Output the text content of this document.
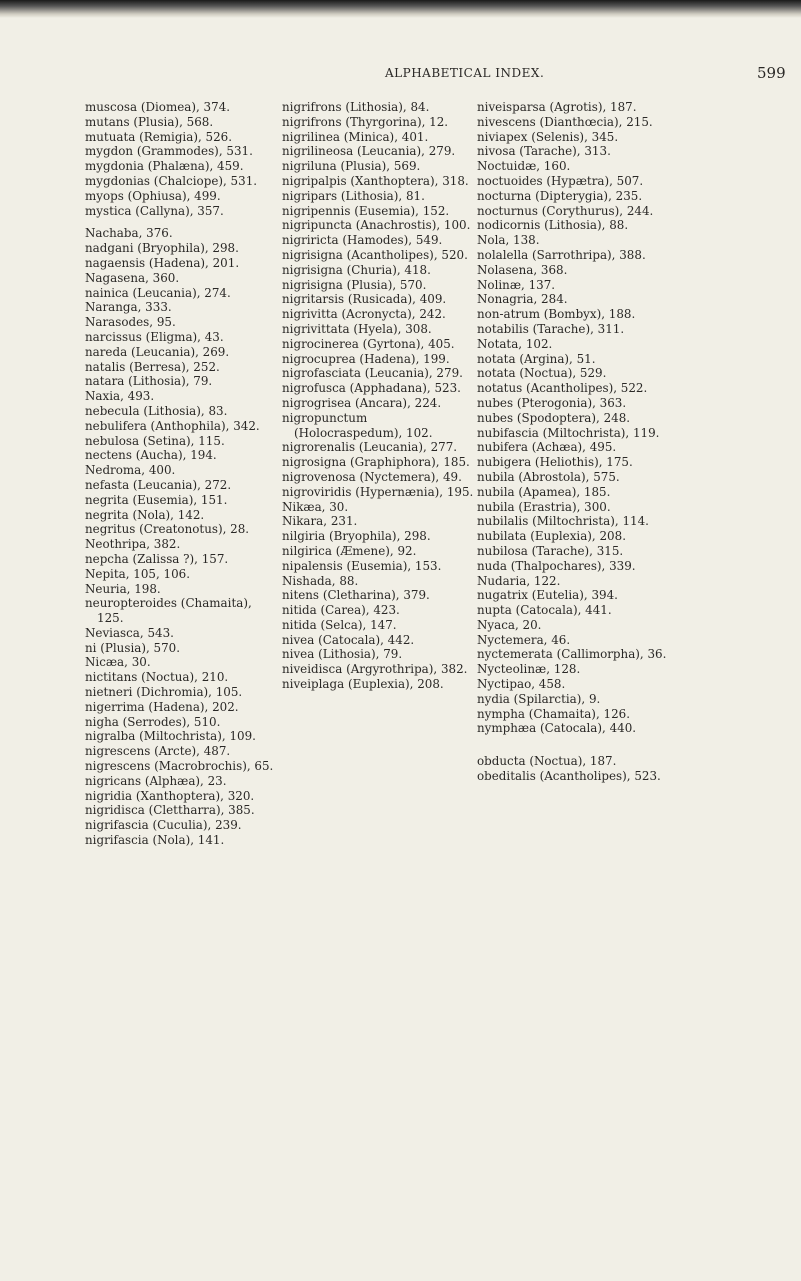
ALPHABETICAL INDEX.	599
muscosa (Diomea), 374.
mutans (Plusia), 568.
mutuata (Remigia), 526.
mygdon (Grammodes), 531.
mygdonia (Phalæna), 459.
mygdonias (Chalciope), 531.
myops (Ophiusa), 499.
mystica (Callyna), 357.
Nachaba, 376.
nadgani (Bryophila), 298.
nagaensis (Hadena), 201.
Nagasena, 360.
nainica (Leucania), 274.
Naranga, 333.
Narasodes, 95.
narcissus (Eligma), 43.
nareda (Leucania), 269.
natalis (Berresa), 252.
natara (Lithosia), 79.
Naxia, 493.
nebecula (Lithosia), 83.
nebulifera (Anthophila), 342.
nebulosa (Setina), 115.
nectens (Aucha), 194.
Nedroma, 400.
nefasta (Leucania), 272.
negrita (Eusemia), 151.
negrita (Nola), 142.
negritus (Creatonotus), 28.
Neothripa, 382.
nepcha (Zalissa ?), 157.
Nepita, 105, 106.
Neuria, 198.
neuropteroides (Chamaita), 125.
Neviasca, 543.
ni (Plusia), 570.
Nicæa, 30.
nictitans (Noctua), 210.
nietneri (Dichromia), 105.
nigerrima (Hadena), 202.
nigha (Serrodes), 510.
nigralba (Miltochrista), 109.
nigrescens (Arcte), 487.
nigrescens (Macrobrochis), 65.
nigricans (Alphæa), 23.
nigridia (Xanthoptera), 320.
nigridisca (Clettharra), 385.
nigrifascia (Cuculia), 239.
nigrifascia (Nola), 141.
nigrifrons (Lithosia), 84.
nigrifrons (Thyrgorina), 12.
nigrilinea (Minica), 401.
nigrilineosa (Leucania), 279.
nigriluna (Plusia), 569.
nigripalpis (Xanthoptera), 318.
nigripars (Lithosia), 81.
nigripennis (Eusemia), 152.
nigripuncta (Anachrostis), 100.
nigriricta (Hamodes), 549.
nigrisigna (Acantholipes), 520.
nigrisigna (Churia), 418.
nigrisigna (Plusia), 570.
nigritarsis (Rusicada), 409.
nigrivitta (Acronycta), 242.
nigrivittata (Hyela), 308.
nigrocinerea (Gyrtona), 405.
nigrocuprea (Hadena), 199.
nigrofasciata (Leucania), 279.
nigrofusca (Apphadana), 523.
nigrogrisea (Ancara), 224.
nigropunctum (Holocraspedum), 102.
nigrorenalis (Leucania), 277.
nigrosigna (Graphiphora), 185.
nigrovenosa (Nyctemera), 49.
nigroviridis (Hypernænia), 195.
Nikæa, 30.
Nikara, 231.
nilgiria (Bryophila), 298.
nilgirica (Æmene), 92.
nipalensis (Eusemia), 153.
Nishada, 88.
nitens (Cletharina), 379.
nitida (Carea), 423.
nitida (Selca), 147.
nivea (Catocala), 442.
nivea (Lithosia), 79.
niveidisca (Argyrothripa), 382.
niveiplaga (Euplexia), 208.
niveisparsa (Agrotis), 187.
nivescens (Dianthœcia), 215.
niviapex (Selenis), 345.
nivosa (Tarache), 313.
Noctuidæ, 160.
noctuoides (Hypætra), 507.
nocturna (Dipterygia), 235.
nocturnus (Corythurus), 244.
nodicornis (Lithosia), 88.
Nola, 138.
nolalella (Sarrothripa), 388.
Nolasena, 368.
Nolinæ, 137.
Nonagria, 284.
non-atrum (Bombyx), 188.
notabilis (Tarache), 311.
Notata, 102.
notata (Argina), 51.
notata (Noctua), 529.
notatus (Acantholipes), 522.
nubes (Pterogonia), 363.
nubes (Spodoptera), 248.
nubifascia (Miltochrista), 119.
nubifera (Achæa), 495.
nubigera (Heliothis), 175.
nubila (Abrostola), 575.
nubila (Apamea), 185.
nubila (Erastria), 300.
nubilalis (Miltochrista), 114.
nubilata (Euplexia), 208.
nubilosa (Tarache), 315.
nuda (Thalpochares), 339.
Nudaria, 122.
nugatrix (Eutelia), 394.
nupta (Catocala), 441.
Nyaca, 20.
Nyctemera, 46.
nyctemerata (Callimorpha), 36.
Nycteolinæ, 128.
Nyctipao, 458.
nydia (Spilarctia), 9.
nympha (Chamaita), 126.
nymphæa (Catocala), 440.
obducta (Noctua), 187.
obeditalis (Acantholipes), 523.
